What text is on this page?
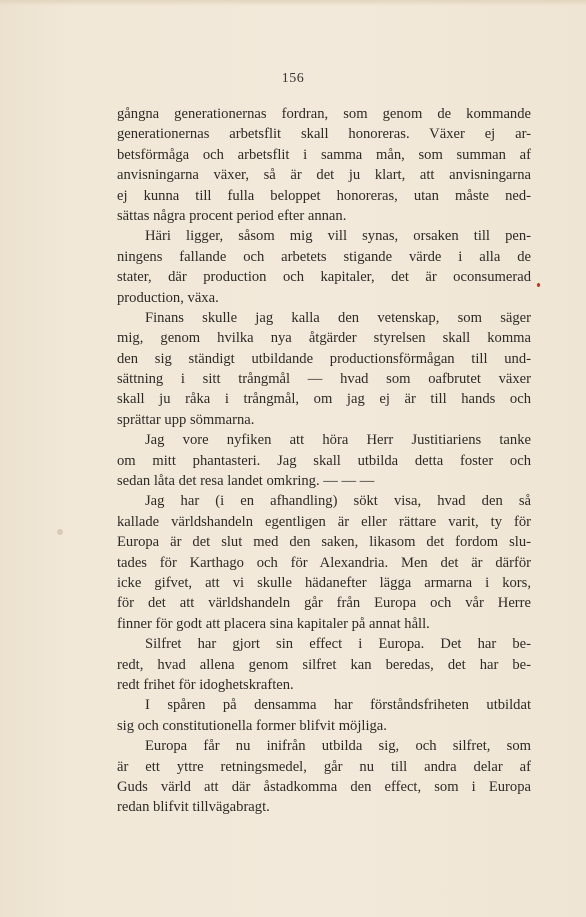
156
gångna generationernas fordran, som genom de kommande
generationernas arbetsflit skall honoreras. Växer ej ar-
betsförmåga och arbetsflit i samma mån, som summan af
anvisningarna växer, så är det ju klart, att anvisningarna
ej kunna till fulla beloppet honoreras, utan måste ned-
sättas några procent period efter annan.
Häri ligger, såsom mig vill synas, orsaken till pen-
ningens fallande och arbetets stigande värde i alla de
stater, där production och kapitaler, det är oconsumerad
production, växa.
Finans skulle jag kalla den vetenskap, som säger
mig, genom hvilka nya åtgärder styrelsen skall komma
den sig ständigt utbildande productionsförmågan till und-
sättning i sitt trångmål — hvad som oafbrutet växer
skall ju råka i trångmål, om jag ej är till hands och
sprättar upp sömmarna.
Jag vore nyfiken att höra Herr Justitiariens tanke
om mitt phantasteri. Jag skall utbilda detta foster och
sedan låta det resa landet omkring. — — —
Jag har (i en afhandling) sökt visa, hvad den så
kallade världshandeln egentligen är eller rättare varit, ty för
Europa är det slut med den saken, likasom det fordom slu-
tades för Karthago och för Alexandria. Men det är därför
icke gifvet, att vi skulle hädanefter lägga armarna i kors,
för det att världshandeln går från Europa och vår Herre
finner för godt att placera sina kapitaler på annat håll.
Silfret har gjort sin effect i Europa. Det har be-
redt, hvad allena genom silfret kan beredas, det har be-
redt frihet för idoghetskraften.
I spåren på densamma har förståndsfriheten utbildat
sig och constitutionella former blifvit möjliga.
Europa får nu inifrån utbilda sig, och silfret, som
är ett yttre retningsmedel, går nu till andra delar af
Guds värld att där åstadkomma den effect, som i Europa
redan blifvit tillvägabragt.
